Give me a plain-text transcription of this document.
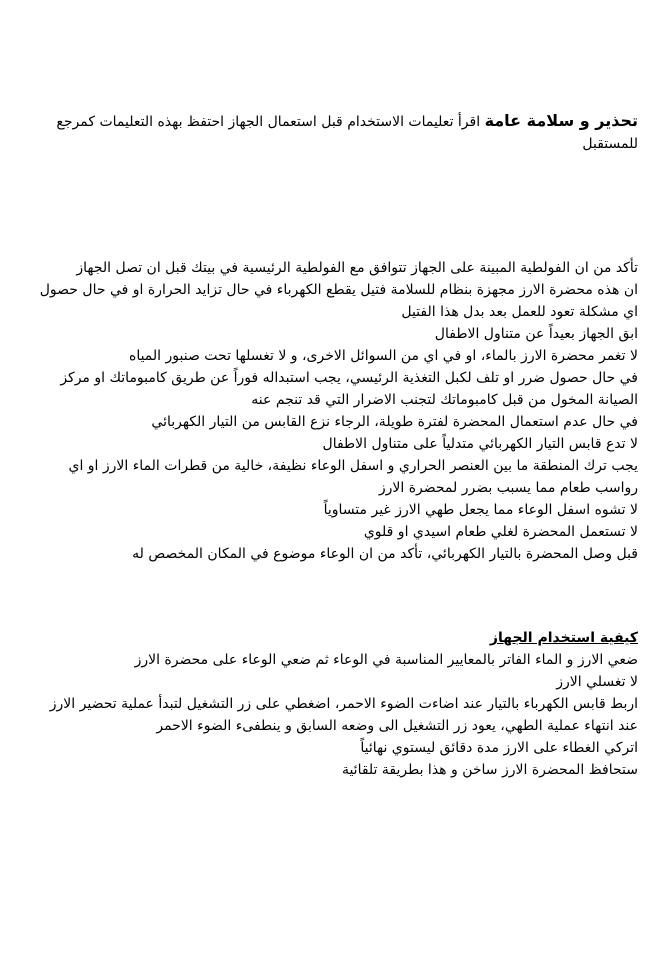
تحذير و سلامة عامة اقرأ تعليمات الاستخدام قبل استعمال الجهاز احتفظ بهذه التعليمات كمرجع للمستقبل

تأكد من ان الفولطية المبينة على الجهاز تتوافق مع الفولطية الرئيسية في بيتك قبل ان تصل الجهاز
ان هذه محضرة الارز مجهزة بنظام للسلامة فتيل يقطع الكهرباء في حال تزايد الحرارة او في حال حصول اي مشكلة تعود للعمل بعد بدل هذا الفتيل
ابق الجهاز بعيداً عن متناول الاطفال
لا تغمر محضرة الارز بالماء، او في اي من السوائل الاخرى، و لا تغسلها تحت صنبور المياه
في حال حصول ضرر او تلف لكبل التغذية الرئيسي، يجب استبداله فوراً عن طريق كامبوماتك او مركز الصيانة المخول من قبل كامبوماتك لتجنب الاضرار التي قد تنجم عنه
في حال عدم استعمال المحضرة لفترة طويلة، الرجاء نزع القابس من التيار الكهربائي
لا تدع قابس التيار الكهربائي متدلياً على متناول الاطفال
يجب ترك المنطقة ما بين العنصر الحراري و اسفل الوعاء نظيفة، خالية من قطرات الماء الارز او اي رواسب طعام مما يسبب بضرر لمحضرة الارز
لا تشوه اسفل الوعاء مما يجعل طهي الارز غير متساوياً
لا تستعمل المحضرة لغلي طعام اسيدي او قلوي
قبل وصل المحضرة بالتيار الكهربائي، تأكد من ان الوعاء موضوع في المكان المخصص له

كيفية استخدام الجهاز

ضعي الارز و الماء الفاتر بالمعايير المناسبة في الوعاء ثم ضعي الوعاء على محضرة الارز
لا تغسلي الارز
اربط قابس الكهرباء بالتيار عند اضاءت الضوء الاحمر، اضغطي على زر التشغيل لتبدأ عملية تحضير الارز
عند انتهاء عملية الطهي، يعود زر التشغيل الى وضعه السابق و ينطفىء الضوء الاحمر
اتركي الغطاء على الارز مدة دقائق ليستوي نهائياً
ستحافظ المحضرة الارز ساخن و هذا بطريقة تلقائية
